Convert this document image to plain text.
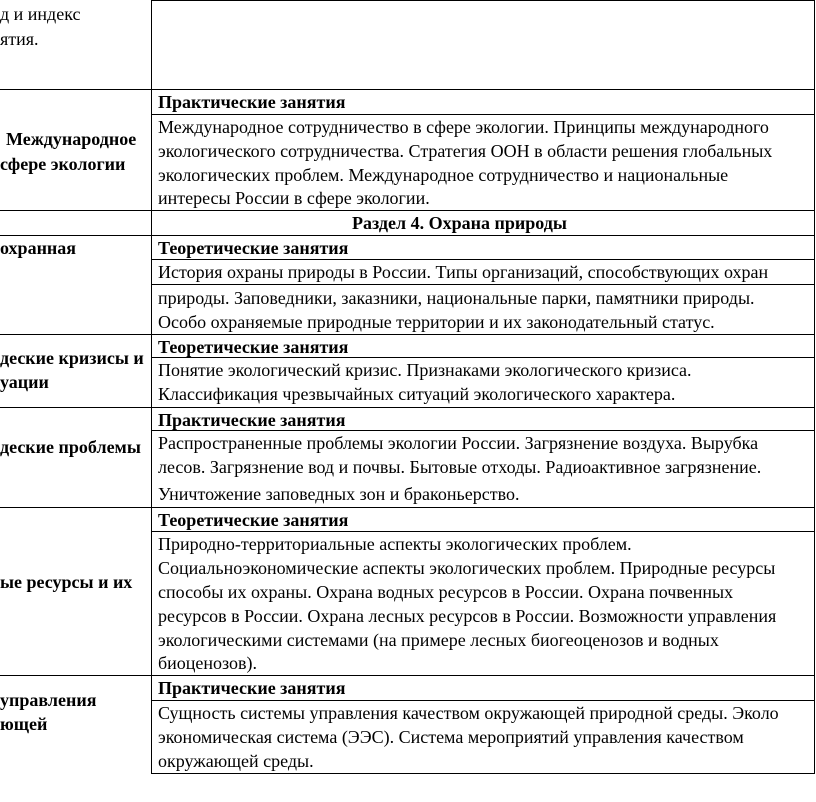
д и индекс
ятия.
Международное
сфере экологии
Практические занятия
Международное сотрудничество в сфере экологии. Принципы международного
экологического сотрудничества. Стратегия ООН в области решения глобальных
экологических проблем. Международное сотрудничество и национальные
интересы России в сфере экологии.
Раздел 4. Охрана природы
охранная	Теоретические занятия
История охраны природы в России. Типы организаций, способствующих охран
природы. Заповедники, заказники, национальные парки, памятники природы.
Особо охраняемые природные территории и их законодательный статус.
деские кризисы и
уации
Теоретические занятия
Понятие экологический кризис. Признаками экологического кризиса.
Классификация чрезвычайных ситуаций экологического характера.
деские проблемы
Практические занятия
Распространенные проблемы экологии России. Загрязнение воздуха. Вырубка
лесов. Загрязнение вод и почвы. Бытовые отходы. Радиоактивное загрязнение.
Уничтожение заповедных зон и браконьерство.
ые ресурсы и их
Теоретические занятия
Природно-территориальные аспекты экологических проблем.
Социальноэкономические аспекты экологических проблем. Природные ресурсы
способы их охраны. Охрана водных ресурсов в России. Охрана почвенных
ресурсов в России. Охрана лесных ресурсов в России. Возможности управления
экологическими системами (на примере лесных биогеоценозов и водных
биоценозов).
управления
ющей
Практические занятия
Сущность системы управления качеством окружающей природной среды. Эколо
экономическая система (ЭЭС). Система мероприятий управления качеством
окружающей среды.
